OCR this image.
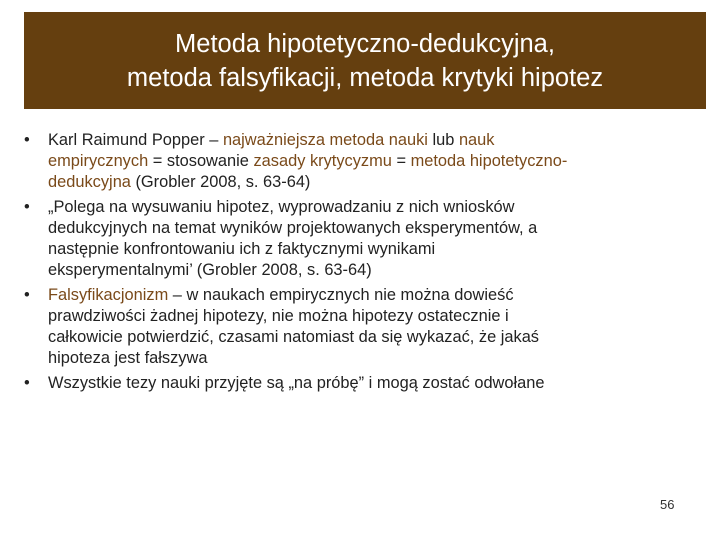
Metoda hipotetyczno-dedukcyjna,
metoda falsyfikacji, metoda krytyki hipotez
• Karl Raimund Popper – najważniejsza metoda nauki lub nauk
empirycznych = stosowanie zasady krytycyzmu = metoda hipotetyczno-
dedukcyjna (Grobler 2008, s. 63-64)
• „Polega na wysuwaniu hipotez, wyprowadzaniu z nich wniosków
dedukcyjnych na temat wyników projektowanych eksperymentów, a
następnie konfrontowaniu ich z faktycznymi wynikami
eksperymentalnymi’ (Grobler 2008, s. 63-64)
• Falsyfikacjonizm – w naukach empirycznych nie można dowieść
prawdziwości żadnej hipotezy, nie można hipotezy ostatecznie i
całkowicie potwierdzić, czasami natomiast da się wykazać, że jakaś
hipoteza jest fałszywa
• Wszystkie tezy nauki przyjęte są „na próbę” i mogą zostać odwołane
56
